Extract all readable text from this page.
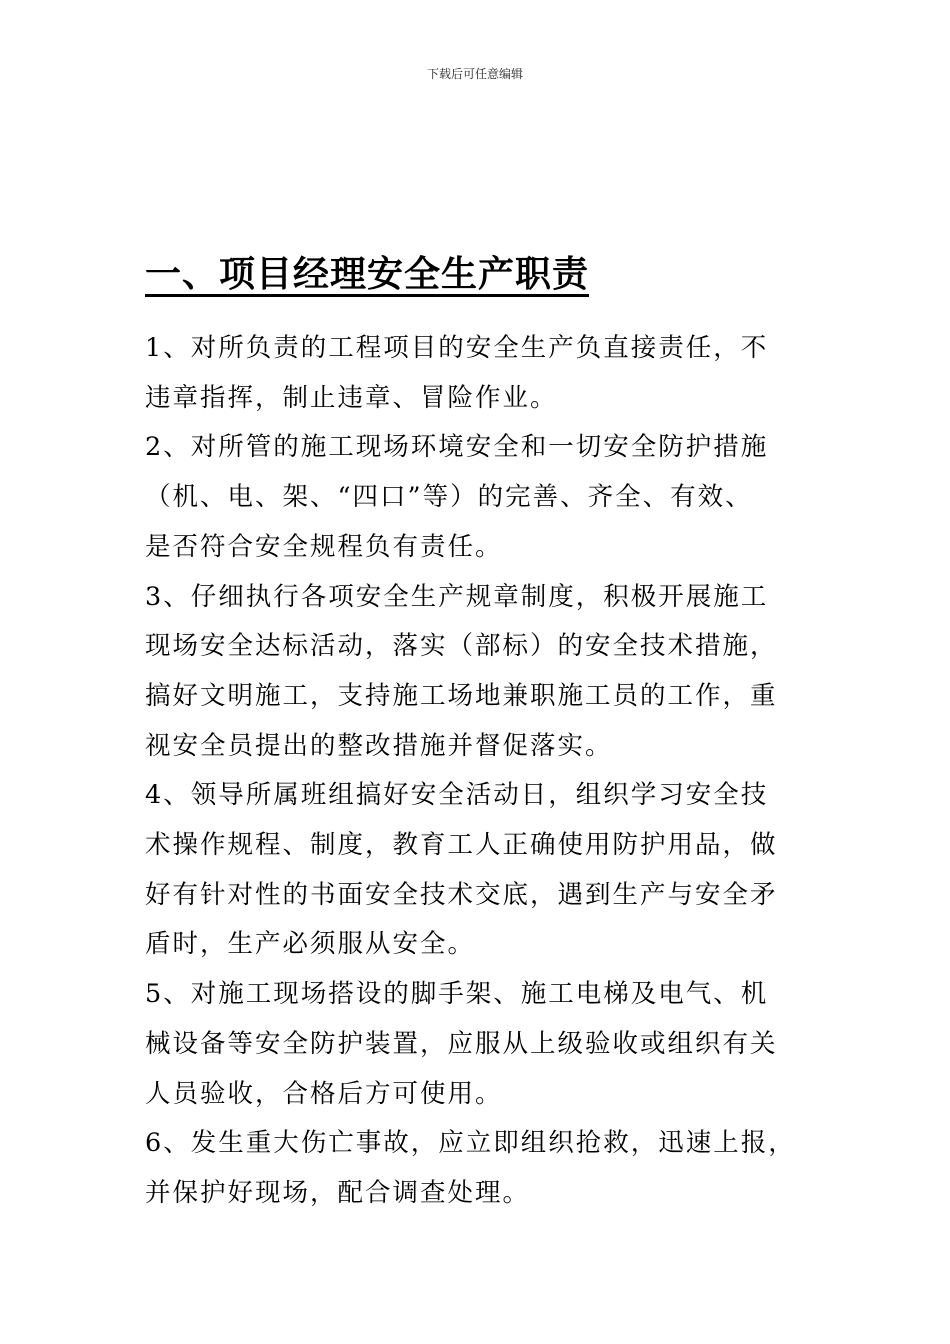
下载后可任意编辑
一、项目经理安全生产职责

1、对所负责的工程项目的安全生产负直接责任，不

违章指挥，制止违章、冒险作业。

2、对所管的施工现场环境安全和一切安全防护措施

（机、电、架、“四口”等）的完善、齐全、有效、

是否符合安全规程负有责任。

3、仔细执行各项安全生产规章制度，积极开展施工

现场安全达标活动，落实（部标）的安全技术措施，

搞好文明施工，支持施工场地兼职施工员的工作，重

视安全员提出的整改措施并督促落实。

4、领导所属班组搞好安全活动日，组织学习安全技

术操作规程、制度，教育工人正确使用防护用品，做

好有针对性的书面安全技术交底，遇到生产与安全矛

盾时，生产必须服从安全。

5、对施工现场搭设的脚手架、施工电梯及电气、机

械设备等安全防护装置，应服从上级验收或组织有关

人员验收，合格后方可使用。

6、发生重大伤亡事故，应立即组织抢救，迅速上报，

并保护好现场，配合调查处理。
